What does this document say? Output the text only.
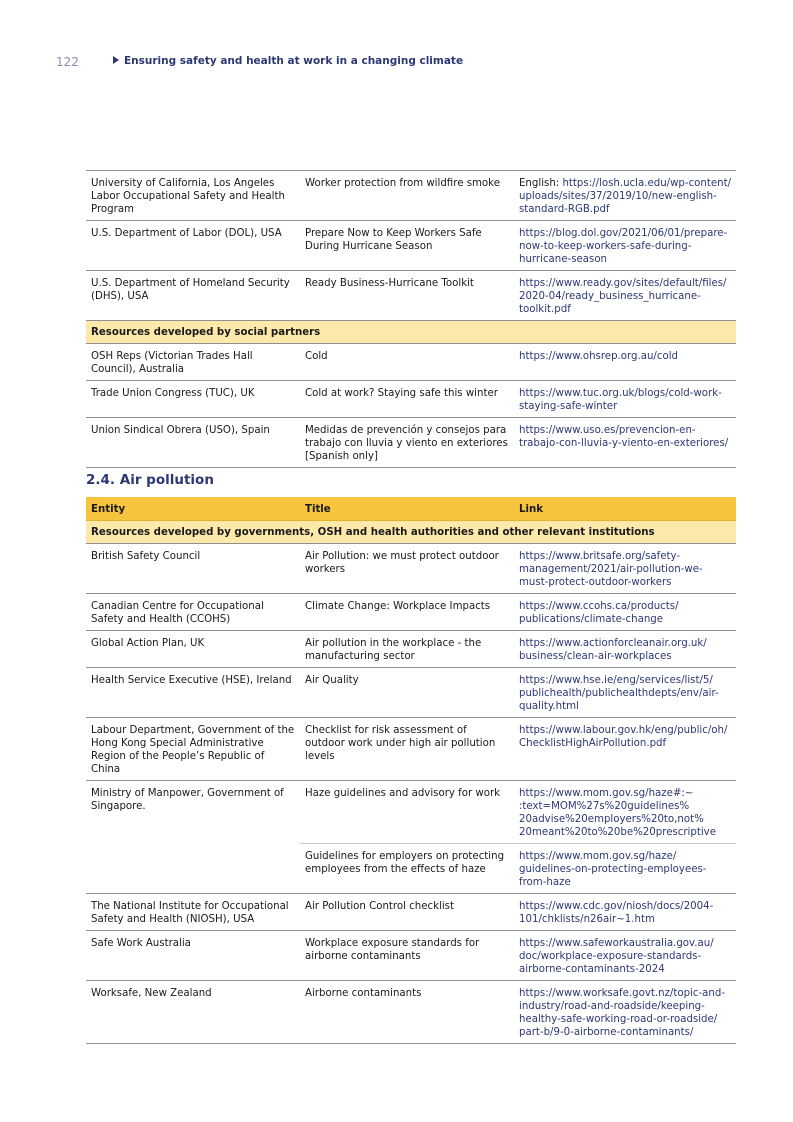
122	Ensuring safety and health at work in a changing climate
University of California, Los Angeles Labor Occupational Safety and Health Program	Worker protection from wildfire smoke	English: https://losh.ucla.edu/wp-content/uploads/sites/37/2019/10/new-english-standard-RGB.pdf
U.S. Department of Labor (DOL), USA	Prepare Now to Keep Workers Safe During Hurricane Season	https://blog.dol.gov/2021/06/01/prepare-now-to-keep-workers-safe-during-hurricane-season
U.S. Department of Homeland Security (DHS), USA	Ready Business-Hurricane Toolkit	https://www.ready.gov/sites/default/files/2020-04/ready_business_hurricane-toolkit.pdf
Resources developed by social partners		
OSH Reps (Victorian Trades Hall Council), Australia	Cold	https://www.ohsrep.org.au/cold
Trade Union Congress (TUC), UK	Cold at work? Staying safe this winter	https://www.tuc.org.uk/blogs/cold-work-staying-safe-winter
Union Sindical Obrera (USO), Spain	Medidas de prevención y consejos para trabajo con lluvia y viento en exteriores [Spanish only]	https://www.uso.es/prevencion-en-trabajo-con-lluvia-y-viento-en-exteriores/
2.4. Air pollution
Entity	Title	Link
Resources developed by governments, OSH and health authorities and other relevant institutions		
British Safety Council	Air Pollution: we must protect outdoor workers	https://www.britsafe.org/safety-management/2021/air-pollution-we-must-protect-outdoor-workers
Canadian Centre for Occupational Safety and Health (CCOHS)	Climate Change: Workplace Impacts	https://www.ccohs.ca/products/publications/climate-change
Global Action Plan, UK	Air pollution in the workplace - the manufacturing sector	https://www.actionforcleanair.org.uk/business/clean-air-workplaces
Health Service Executive (HSE), Ireland	Air Quality	https://www.hse.ie/eng/services/list/5/publichealth/publichealthdepts/env/air-quality.html
Labour Department, Government of the Hong Kong Special Administrative Region of the People’s Republic of China	Checklist for risk assessment of outdoor work under high air pollution levels	https://www.labour.gov.hk/eng/public/oh/ChecklistHighAirPollution.pdf
Ministry of Manpower, Government of Singapore.	Haze guidelines and advisory for work	https://www.mom.gov.sg/haze#:~:text=MOM%27s%20guidelines%20advise%20employers%20to,not%20meant%20to%20be%20prescriptive
	Guidelines for employers on protecting employees from the effects of haze	https://www.mom.gov.sg/haze/guidelines-on-protecting-employees-from-haze
The National Institute for Occupational Safety and Health (NIOSH), USA	Air Pollution Control checklist	https://www.cdc.gov/niosh/docs/2004-101/chklists/n26air~1.htm
Safe Work Australia	Workplace exposure standards for airborne contaminants	https://www.safeworkaustralia.gov.au/doc/workplace-exposure-standards-airborne-contaminants-2024
Worksafe, New Zealand	Airborne contaminants	https://www.worksafe.govt.nz/topic-and-industry/road-and-roadside/keeping-healthy-safe-working-road-or-roadside/part-b/9-0-airborne-contaminants/
